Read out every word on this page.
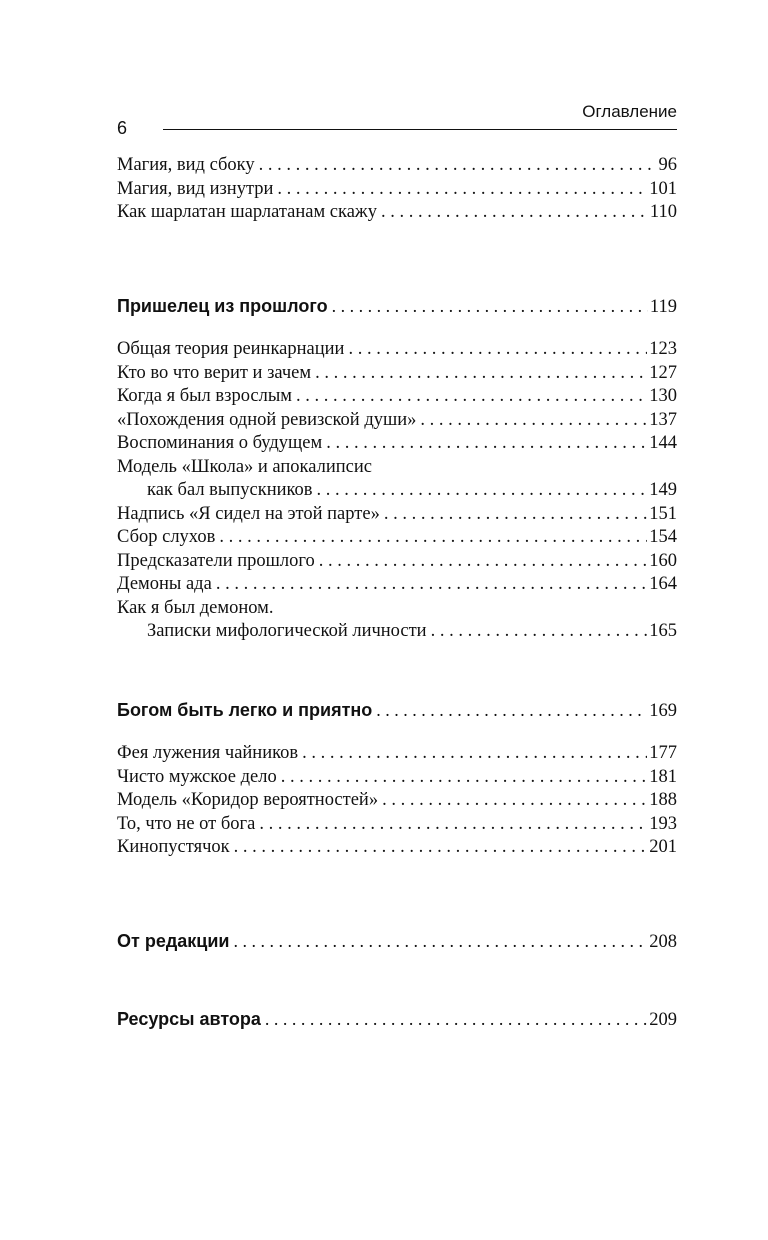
6
Оглавление
Магия, вид сбоку . . .	96
Магия, вид изнутри . . .	101
Как шарлатан шарлатанам скажу . . .	110
Пришелец из прошлого . . .	119
Общая теория реинкарнации . . .	123
Кто во что верит и зачем . . .	127
Когда я был взрослым . . .	130
«Похождения одной ревизской души» . . .	137
Воспоминания о будущем . . .	144
Модель «Школа» и апокалипсис
как бал выпускников . . .	149
Надпись «Я сидел на этой парте» . . .	151
Сбор слухов . . .	154
Предсказатели прошлого . . .	160
Демоны ада . . .	164
Как я был демоном.
Записки мифологической личности . . .	165
Богом быть легко и приятно . . .	169
Фея лужения чайников . . .	177
Чисто мужское дело . . .	181
Модель «Коридор вероятностей» . . .	188
То, что не от бога . . .	193
Кинопустячок . . .	201
От редакции . . .	208
Ресурсы автора . . .	209
